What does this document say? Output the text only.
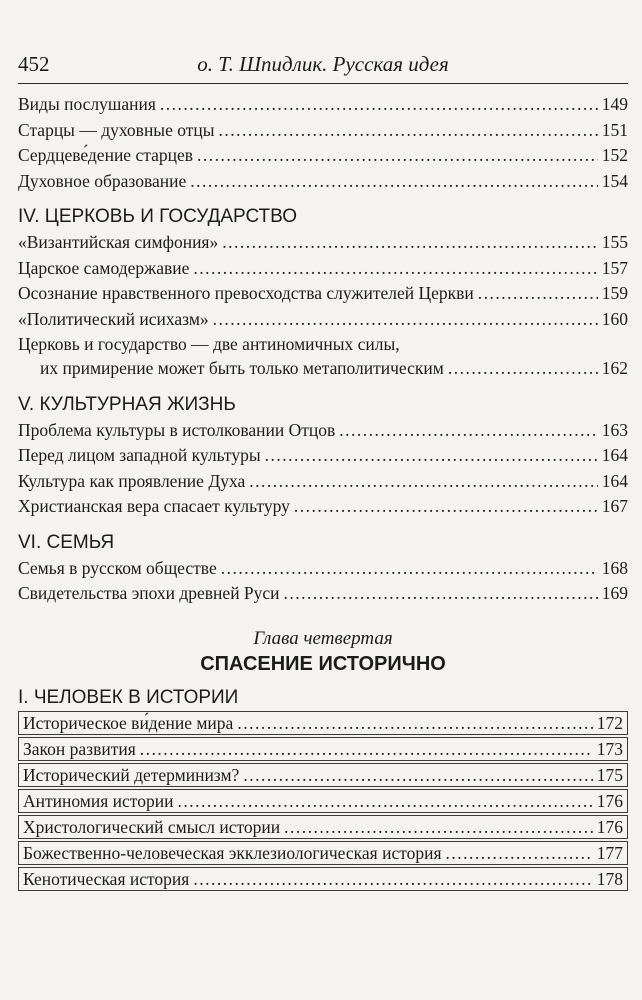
452	о. Т. Шпидлик. Русская идея
Виды послушания .....	149
Старцы — духовные отцы .....	151
Сердцеве́дение старцев .....	152
Духовное образование .....	154
IV. ЦЕРКОВЬ И ГОСУДАРСТВО
«Византийская симфония» .....	155
Царское самодержавие .....	157
Осознание нравственного превосходства служителей Церкви .....	159
«Политический исихазм» .....	160
Церковь и государство — две антиномичных силы,
их примирение может быть только метаполитическим .....	162
V. КУЛЬТУРНАЯ ЖИЗНЬ
Проблема культуры в истолковании Отцов .....	163
Перед лицом западной культуры .....	164
Культура как проявление Духа .....	164
Христианская вера спасает культуру .....	167
VI. СЕМЬЯ
Семья в русском обществе .....	168
Свидетельства эпохи древней Руси .....	169
Глава четвертая
СПАСЕНИЕ ИСТОРИЧНО
I. ЧЕЛОВЕК В ИСТОРИИ
Историческое ви́дение мира .....	172
Закон развития .....	173
Исторический детерминизм? .....	175
Антиномия истории .....	176
Христологический смысл истории .....	176
Божественно-человеческая экклезиологическая история .....	177
Кенотическая история .....	178
